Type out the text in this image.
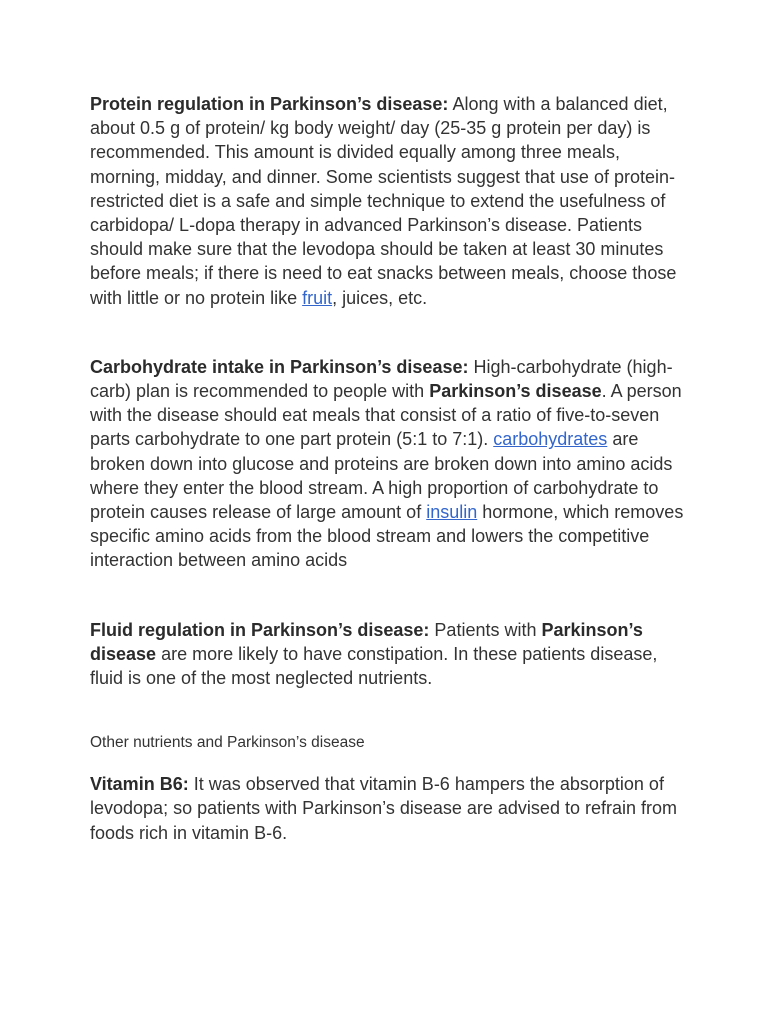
Protein regulation in Parkinson’s disease: Along with a balanced diet, about 0.5 g of protein/ kg body weight/ day (25-35 g protein per day) is recommended. This amount is divided equally among three meals, morning, midday, and dinner. Some scientists suggest that use of protein-restricted diet is a safe and simple technique to extend the usefulness of carbidopa/ L-dopa therapy in advanced Parkinson’s disease. Patients should make sure that the levodopa should be taken at least 30 minutes before meals; if there is need to eat snacks between meals, choose those with little or no protein like fruit, juices, etc.

Carbohydrate intake in Parkinson’s disease: High-carbohydrate (high-carb) plan is recommended to people with Parkinson’s disease. A person with the disease should eat meals that consist of a ratio of five-to-seven parts carbohydrate to one part protein (5:1 to 7:1). carbohydrates are broken down into glucose and proteins are broken down into amino acids where they enter the blood stream. A high proportion of carbohydrate to protein causes release of large amount of insulin hormone, which removes specific amino acids from the blood stream and lowers the competitive interaction between amino acids

Fluid regulation in Parkinson’s disease: Patients with Parkinson’s disease are more likely to have constipation. In these patients disease, fluid is one of the most neglected nutrients.

Other nutrients and Parkinson’s disease

Vitamin B6: It was observed that vitamin B-6 hampers the absorption of levodopa; so patients with Parkinson’s disease are advised to refrain from foods rich in vitamin B-6.
